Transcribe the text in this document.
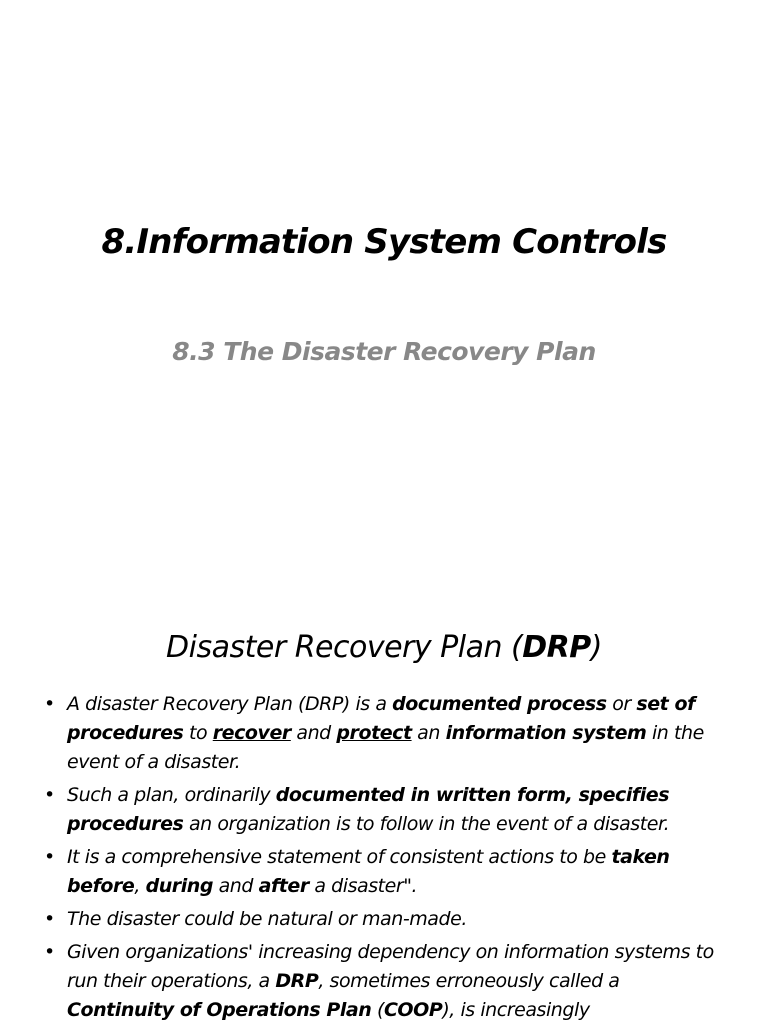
8.Information System Controls
8.3 The Disaster Recovery Plan
Disaster Recovery Plan (DRP)
• A disaster Recovery Plan (DRP) is a documented process or set of procedures to recover and protect an information system in the event of a disaster.
• Such a plan, ordinarily documented in written form, specifies procedures an organization is to follow in the event of a disaster.
• It is a comprehensive statement of consistent actions to be taken before, during and after a disaster".
• The disaster could be natural or man-made.
• Given organizations' increasing dependency on information systems to run their operations, a DRP, sometimes erroneously called a Continuity of Operations Plan (COOP), is increasingly
